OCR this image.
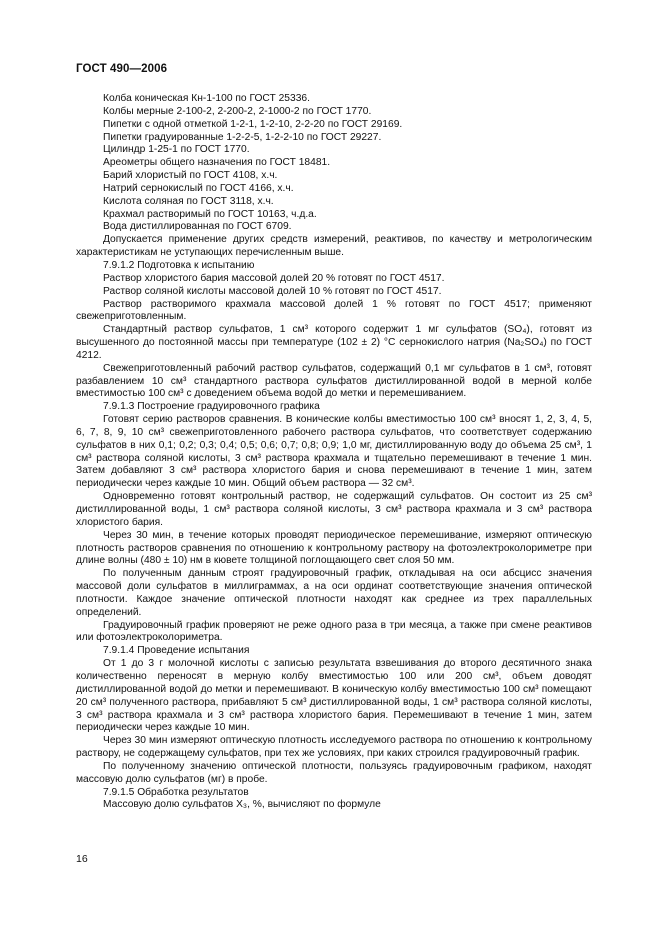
ГОСТ 490—2006

Колба коническая Кн-1-100 по ГОСТ 25336.

Колбы мерные 2-100-2, 2-200-2, 2-1000-2 по ГОСТ 1770.

Пипетки с одной отметкой 1-2-1, 1-2-10, 2-2-20 по ГОСТ 29169.

Пипетки градуированные 1-2-2-5, 1-2-2-10 по ГОСТ 29227.

Цилиндр 1-25-1 по ГОСТ 1770.

Ареометры общего назначения по ГОСТ 18481.

Барий хлористый по ГОСТ 4108, х.ч.

Натрий сернокислый по ГОСТ 4166, х.ч.

Кислота соляная по ГОСТ 3118, х.ч.

Крахмал растворимый по ГОСТ 10163, ч.д.а.

Вода дистиллированная по ГОСТ 6709.

Допускается применение других средств измерений, реактивов, по качеству и метрологическим характеристикам не уступающих перечисленным выше.

7.9.1.2 Подготовка к испытанию

Раствор хлористого бария массовой долей 20 % готовят по ГОСТ 4517.

Раствор соляной кислоты массовой долей 10 % готовят по ГОСТ 4517.

Раствор растворимого крахмала массовой долей 1 % готовят по ГОСТ 4517; применяют свежеприготовленным.

Стандартный раствор сульфатов, 1 см³ которого содержит 1 мг сульфатов (SO₄), готовят из высушенного до постоянной массы при температуре (102 ± 2) °С сернокислого натрия (Na₂SO₄) по ГОСТ 4212.

Свежеприготовленный рабочий раствор сульфатов, содержащий 0,1 мг сульфатов в 1 см³, готовят разбавлением 10 см³ стандартного раствора сульфатов дистиллированной водой в мерной колбе вместимостью 100 см³ с доведением объема водой до метки и перемешиванием.

7.9.1.3 Построение градуировочного графика

Готовят серию растворов сравнения. В конические колбы вместимостью 100 см³ вносят 1, 2, 3, 4, 5, 6, 7, 8, 9, 10 см³ свежеприготовленного рабочего раствора сульфатов, что соответствует содержанию сульфатов в них 0,1; 0,2; 0,3; 0,4; 0,5; 0,6; 0,7; 0,8; 0,9; 1,0 мг, дистиллированную воду до объема 25 см³, 1 см³ раствора соляной кислоты, 3 см³ раствора крахмала и тщательно перемешивают в течение 1 мин. Затем добавляют 3 см³ раствора хлористого бария и снова перемешивают в течение 1 мин, затем периодически через каждые 10 мин. Общий объем раствора — 32 см³.

Одновременно готовят контрольный раствор, не содержащий сульфатов. Он состоит из 25 см³ дистиллированной воды, 1 см³ раствора соляной кислоты, 3 см³ раствора крахмала и 3 см³ раствора хлористого бария.

Через 30 мин, в течение которых проводят периодическое перемешивание, измеряют оптическую плотность растворов сравнения по отношению к контрольному раствору на фотоэлектроколориметре при длине волны (480 ± 10) нм в кювете толщиной поглощающего свет слоя 50 мм.

По полученным данным строят градуировочный график, откладывая на оси абсцисс значения массовой доли сульфатов в миллиграммах, а на оси ординат соответствующие значения оптической плотности. Каждое значение оптической плотности находят как среднее из трех параллельных определений.

Градуировочный график проверяют не реже одного раза в три месяца, а также при смене реактивов или фотоэлектроколориметра.

7.9.1.4 Проведение испытания

От 1 до 3 г молочной кислоты с записью результата взвешивания до второго десятичного знака количественно переносят в мерную колбу вместимостью 100 или 200 см³, объем доводят дистиллированной водой до метки и перемешивают. В коническую колбу вместимостью 100 см³ помещают 20 см³ полученного раствора, прибавляют 5 см³ дистиллированной воды, 1 см³ раствора соляной кислоты, 3 см³ раствора крахмала и 3 см³ раствора хлористого бария. Перемешивают в течение 1 мин, затем периодически через каждые 10 мин.

Через 30 мин измеряют оптическую плотность исследуемого раствора по отношению к контрольному раствору, не содержащему сульфатов, при тех же условиях, при каких строился градуировочный график.

По полученному значению оптической плотности, пользуясь градуировочным графиком, находят массовую долю сульфатов (мг) в пробе.

7.9.1.5 Обработка результатов

Массовую долю сульфатов X₃, %, вычисляют по формуле

16
